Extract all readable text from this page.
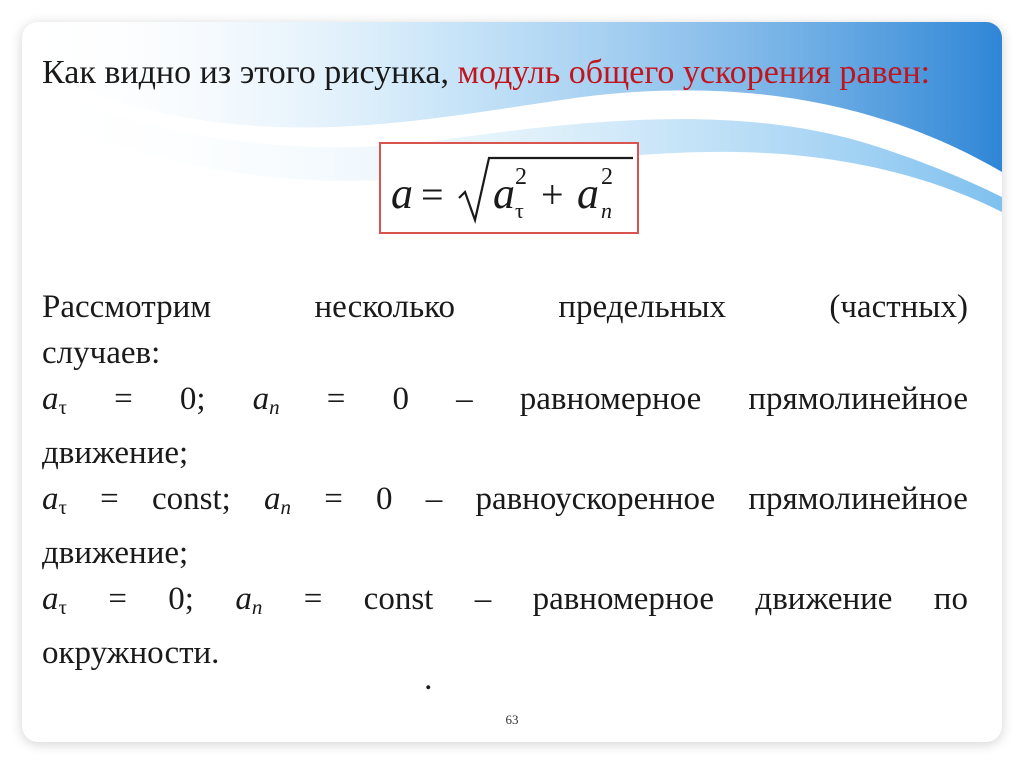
Как видно из этого рисунка, модуль общего ускорения равен:
a = a 2
τ + a 2
n
Рассмотрим	несколько	предельных	(частных)
случаев:
$a_\tau = 0$; $a_n = 0$ – равномерное прямолинейное
движение;
$a_\tau$ = const; $a_n = 0$ – равноускоренное прямолинейное
движение;
$a_\tau = 0$; $a_n$ = const – равномерное движение по
окружности.
.
63
